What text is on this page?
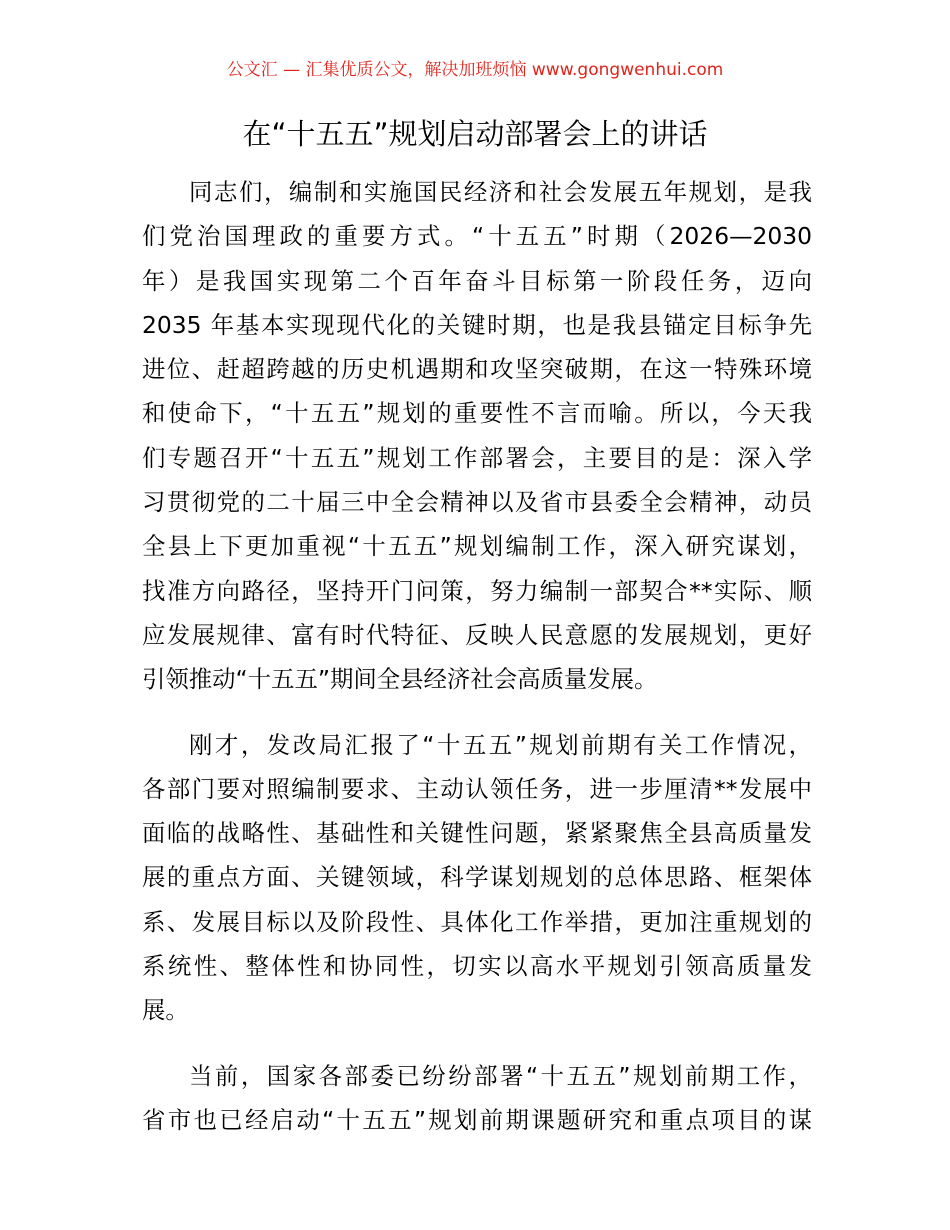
公文汇 — 汇集优质公文，解决加班烦恼 www.gongwenhui.com
在“十五五”规划启动部署会上的讲话
同志们，编制和实施国民经济和社会发展五年规划，是我
们党治国理政的重要方式。“十五五”时期（2026—2030
年）是我国实现第二个百年奋斗目标第一阶段任务，迈向
2035 年基本实现现代化的关键时期，也是我县锚定目标争先
进位、赶超跨越的历史机遇期和攻坚突破期，在这一特殊环境
和使命下，“十五五”规划的重要性不言而喻。所以，今天我
们专题召开“十五五”规划工作部署会，主要目的是：深入学
习贯彻党的二十届三中全会精神以及省市县委全会精神，动员
全县上下更加重视“十五五”规划编制工作，深入研究谋划，
找准方向路径，坚持开门问策，努力编制一部契合**实际、顺
应发展规律、富有时代特征、反映人民意愿的发展规划，更好
引领推动“十五五”期间全县经济社会高质量发展。
刚才，发改局汇报了“十五五”规划前期有关工作情况，
各部门要对照编制要求、主动认领任务，进一步厘清**发展中
面临的战略性、基础性和关键性问题，紧紧聚焦全县高质量发
展的重点方面、关键领域，科学谋划规划的总体思路、框架体
系、发展目标以及阶段性、具体化工作举措，更加注重规划的
系统性、整体性和协同性，切实以高水平规划引领高质量发
展。
当前，国家各部委已纷纷部署“十五五”规划前期工作，
省市也已经启动“十五五”规划前期课题研究和重点项目的谋
